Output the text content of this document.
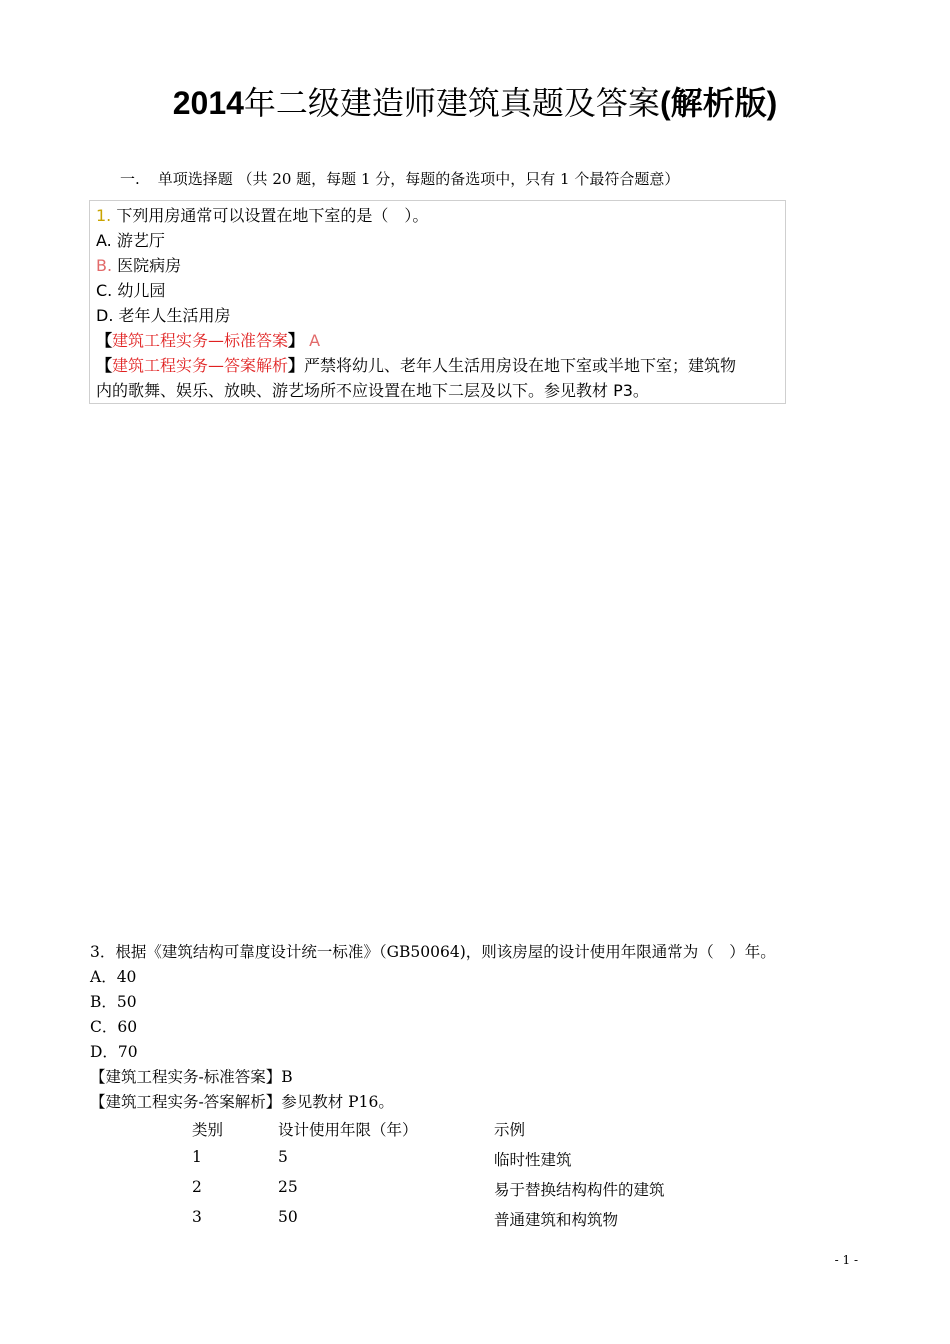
2014年二级建造师建筑真题及答案(解析版)
一. 单项选择题 （共 20 题，每题 1 分，每题的备选项中，只有 1 个最符合题意）
1. 下列用房通常可以设置在地下室的是（　）。
A. 游艺厅
B. 医院病房
C. 幼儿园
D. 老年人生活用房
【建筑工程实务—标准答案】 A
【建筑工程实务—答案解析】严禁将幼儿、老年人生活用房设在地下室或半地下室；建筑物
内的歌舞、娱乐、放映、游艺场所不应设置在地下二层及以下。参见教材 P3。
3．根据《建筑结构可靠度设计统一标准》（GB50064)，则该房屋的设计使用年限通常为（　）年。
A．40
B．50
C．60
D．70
【建筑工程实务-标准答案】B
【建筑工程实务-答案解析】参见教材 P16。
类别	设计使用年限（年）	示例
1	5	临时性建筑
2	25	易于替换结构构件的建筑
3	50	普通建筑和构筑物
- 1 -
